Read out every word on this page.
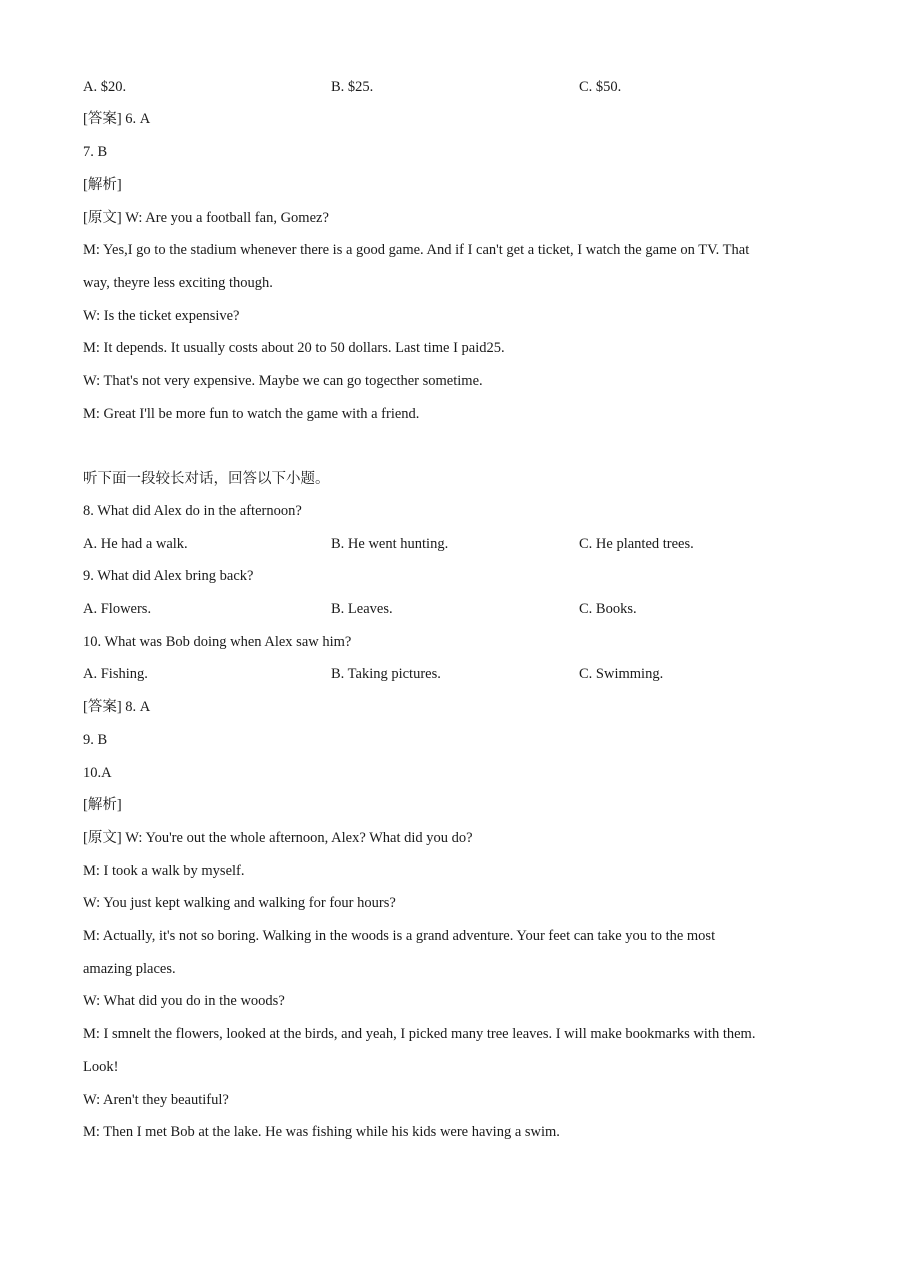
A. $20.	B. $25.	C. $50.
[答案] 6. A
7. B
[解析]
[原文] W: Are you a football fan, Gomez?
M: Yes,I go to the stadium whenever there is a good game. And if I can't get a ticket, I watch the game on TV. That
way, theyre less exciting though.
W: Is the ticket expensive?
M: It depends. It usually costs about 20 to 50 dollars. Last time I paid25.
W: That's not very expensive. Maybe we can go togecther sometime.
M: Great I'll be more fun to watch the game with a friend.
听下面一段较长对话，回答以下小题。
8. What did Alex do in the afternoon?
A. He had a walk.	B. He went hunting.	C. He planted trees.
9. What did Alex bring back?
A. Flowers.	B. Leaves.	C. Books.
10. What was Bob doing when Alex saw him?
A. Fishing.	B. Taking pictures.	C. Swimming.
[答案] 8. A
9. B
10.A
[解析]
[原文] W: You're out the whole afternoon, Alex? What did you do?
M: I took a walk by myself.
W: You just kept walking and walking for four hours?
M: Actually, it's not so boring. Walking in the woods is a grand adventure. Your feet can take you to the most
amazing places.
W: What did you do in the woods?
M: I smnelt the flowers, looked at the birds, and yeah, I picked many tree leaves. I will make bookmarks with them.
Look!
W: Aren't they beautiful?
M: Then I met Bob at the lake. He was fishing while his kids were having a swim.
